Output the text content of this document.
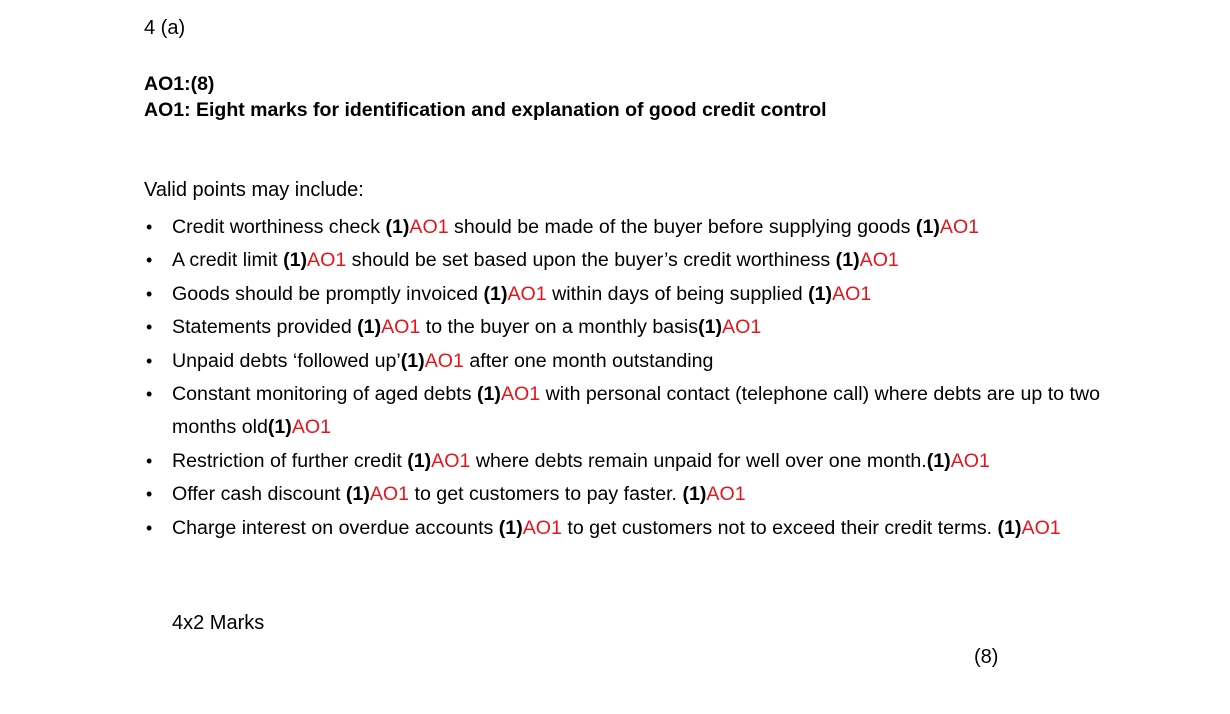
4 (a)
AO1:(8)
AO1: Eight marks for identification and explanation of good credit control
Valid points may include:
• Credit worthiness check (1)AO1 should be made of the buyer before supplying goods (1)AO1
• A credit limit (1)AO1 should be set based upon the buyer’s credit worthiness (1)AO1
• Goods should be promptly invoiced (1)AO1 within days of being supplied (1)AO1
• Statements provided (1)AO1 to the buyer on a monthly basis(1)AO1
• Unpaid debts ‘followed up’(1)AO1 after one month outstanding
• Constant monitoring of aged debts (1)AO1 with personal contact (telephone call) where debts are up to two months old(1)AO1
• Restriction of further credit (1)AO1 where debts remain unpaid for well over one month.(1)AO1
• Offer cash discount (1)AO1 to get customers to pay faster. (1)AO1
• Charge interest on overdue accounts (1)AO1 to get customers not to exceed their credit terms. (1)AO1
4x2 Marks
(8)
